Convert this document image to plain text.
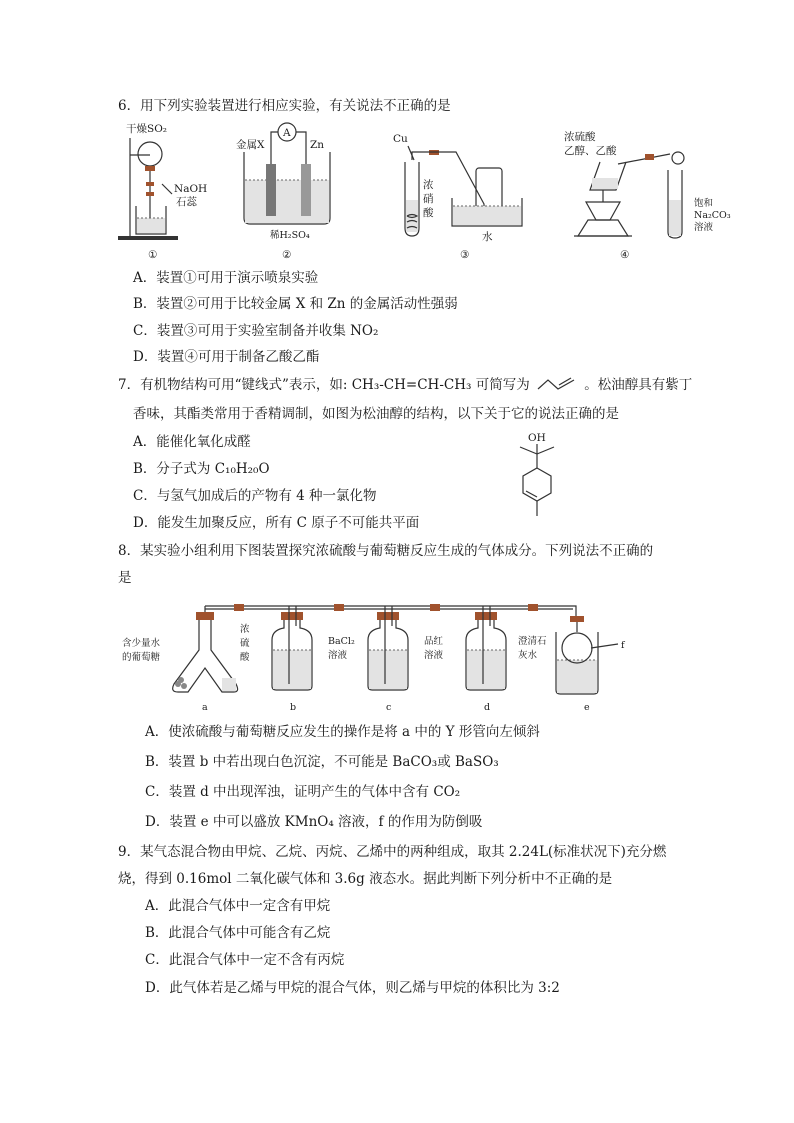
6．用下列实验装置进行相应实验，有关说法不正确的是
干燥SO₂
NaOH
石蕊
①
金属X
A
Zn
稀H₂SO₄
②
Cu
浓
硝
酸
水
③
浓硫酸
乙醇、乙酸
饱和
Na₂CO₃
溶液
④
A．装置①可用于演示喷泉实验
B．装置②可用于比较金属 X 和 Zn 的金属活动性强弱
C．装置③可用于实验室制备并收集 NO₂
D．装置④可用于制备乙酸乙酯
7．有机物结构可用“键线式”表示，如: CH₃-CH=CH-CH₃ 可简写为	。松油醇具有紫丁
香味，其酯类常用于香精调制，如图为松油醇的结构，以下关于它的说法正确的是
OH
A．能催化氧化成醛
B．分子式为 C₁₀H₂₀O
C．与氢气加成后的产物有 4 种一氯化物
D．能发生加聚反应，所有 C 原子不可能共平面
8．某实验小组利用下图装置探究浓硫酸与葡萄糖反应生成的气体成分。下列说法不正确的
是
含少量水
的葡萄糖
浓
硫
酸
a
BaCl₂
溶液
b
品红
溶液
c
澄清石
灰水
d
f
e
A．使浓硫酸与葡萄糖反应发生的操作是将 a 中的 Y 形管向左倾斜
B．装置 b 中若出现白色沉淀，不可能是 BaCO₃或 BaSO₃
C．装置 d 中出现浑浊，证明产生的气体中含有 CO₂
D．装置 e 中可以盛放 KMnO₄ 溶液，f 的作用为防倒吸
9．某气态混合物由甲烷、乙烷、丙烷、乙烯中的两种组成，取其 2.24L(标准状况下)充分燃
烧，得到 0.16mol 二氧化碳气体和 3.6g 液态水。据此判断下列分析中不正确的是
A．此混合气体中一定含有甲烷
B．此混合气体中可能含有乙烷
C．此混合气体中一定不含有丙烷
D．此气体若是乙烯与甲烷的混合气体，则乙烯与甲烷的体积比为 3:2
